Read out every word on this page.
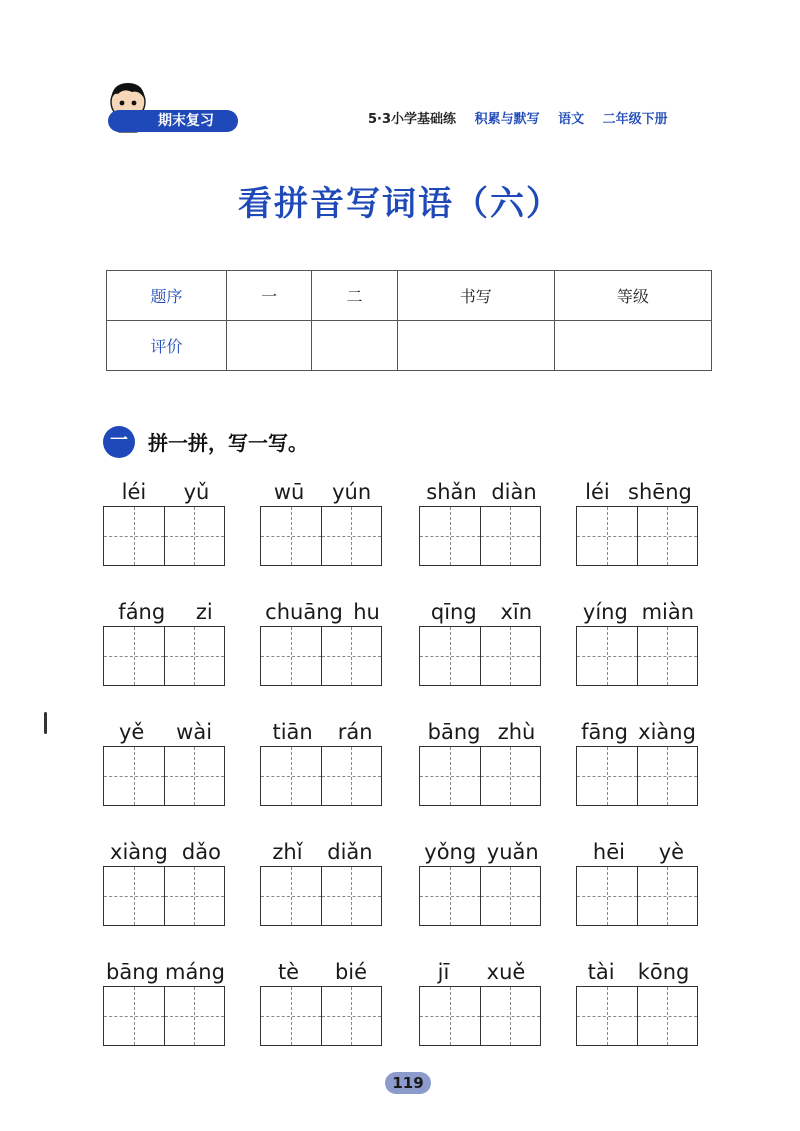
期末复习	5·3小学基础练 积累与默写 语文 二年级下册
看拼音写词语（六）
题序	一	二	书写	等级
评价				
一	拼一拼，写一写。
léi yǔ	wū yún	shǎn diàn léi shēng
fáng zi	chuāng hu qīng xīn yíng miàn
yě wài	tiān rán	bāng zhù fāng xiàng
xiàng dǎo zhǐ diǎn yǒng yuǎn	hēi yè
bāng máng	tè bié	jī xuě	tài kōng
119
